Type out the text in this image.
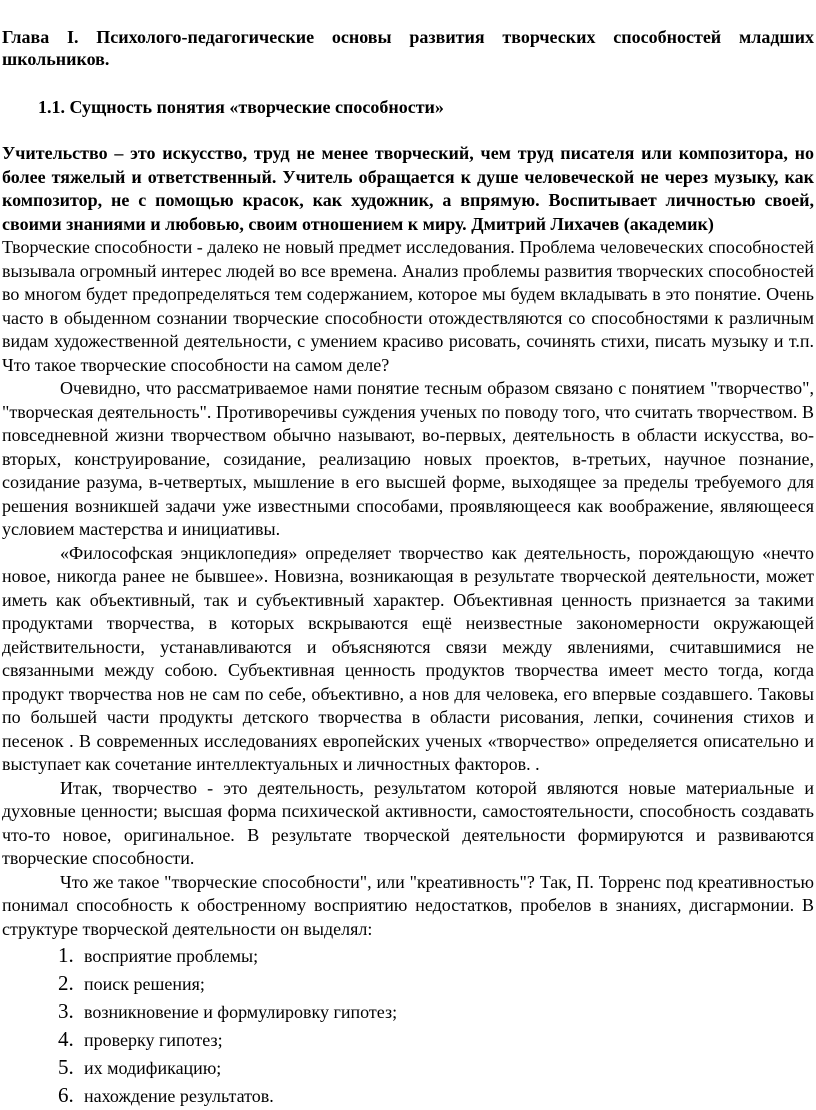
Глава I. Психолого-педагогические основы развития творческих способностей младших школьников.

1.1. Сущность понятия «творческие способности»

Учительство – это искусство, труд не менее творческий, чем труд писателя или композитора, но более тяжелый и ответственный. Учитель обращается к душе человеческой не через музыку, как композитор, не с помощью красок, как художник, а впрямую. Воспитывает личностью своей, своими знаниями и любовью, своим отношением к миру. Дмитрий Лихачев (академик)

Творческие способности - далеко не новый предмет исследования. Проблема человеческих способностей вызывала огромный интерес людей во все времена. Анализ проблемы развития творческих способностей во многом будет предопределяться тем содержанием, которое мы будем вкладывать в это понятие. Очень часто в обыденном сознании творческие способности отождествляются со способностями к различным видам художественной деятельности, с умением красиво рисовать, сочинять стихи, писать музыку и т.п. Что такое творческие способности на самом деле?

Очевидно, что рассматриваемое нами понятие тесным образом связано с понятием "творчество", "творческая деятельность". Противоречивы суждения ученых по поводу того, что считать творчеством. В повседневной жизни творчеством обычно называют, во-первых, деятельность в области искусства, во-вторых, конструирование, созидание, реализацию новых проектов, в-третьих, научное познание, созидание разума, в-четвертых, мышление в его высшей форме, выходящее за пределы требуемого для решения возникшей задачи уже известными способами, проявляющееся как воображение, являющееся условием мастерства и инициативы.

«Философская энциклопедия» определяет творчество как деятельность, порождающую «нечто новое, никогда ранее не бывшее». Новизна, возникающая в результате творческой деятельности, может иметь как объективный, так и субъективный характер. Объективная ценность признается за такими продуктами творчества, в которых вскрываются ещё неизвестные закономерности окружающей действительности, устанавливаются и объясняются связи между явлениями, считавшимися не связанными между собою. Субъективная ценность продуктов творчества имеет место тогда, когда продукт творчества нов не сам по себе, объективно, а нов для человека, его впервые создавшего. Таковы по большей части продукты детского творчества в области рисования, лепки, сочинения стихов и песенок . В современных исследованиях европейских ученых «творчество» определяется описательно и выступает как сочетание интеллектуальных и личностных факторов. .

Итак, творчество - это деятельность, результатом которой являются новые материальные и духовные ценности; высшая форма психической активности, самостоятельности, способность создавать что-то новое, оригинальное. В результате творческой деятельности формируются и развиваются творческие способности.

Что же такое "творческие способности", или "креативность"? Так, П. Торренс под креативностью понимал способность к обостренному восприятию недостатков, пробелов в знаниях, дисгармонии. В структуре творческой деятельности он выделял:

1. восприятие проблемы;
2. поиск решения;
3. возникновение и формулировку гипотез;
4. проверку гипотез;
5. их модификацию;
6. нахождение результатов.
